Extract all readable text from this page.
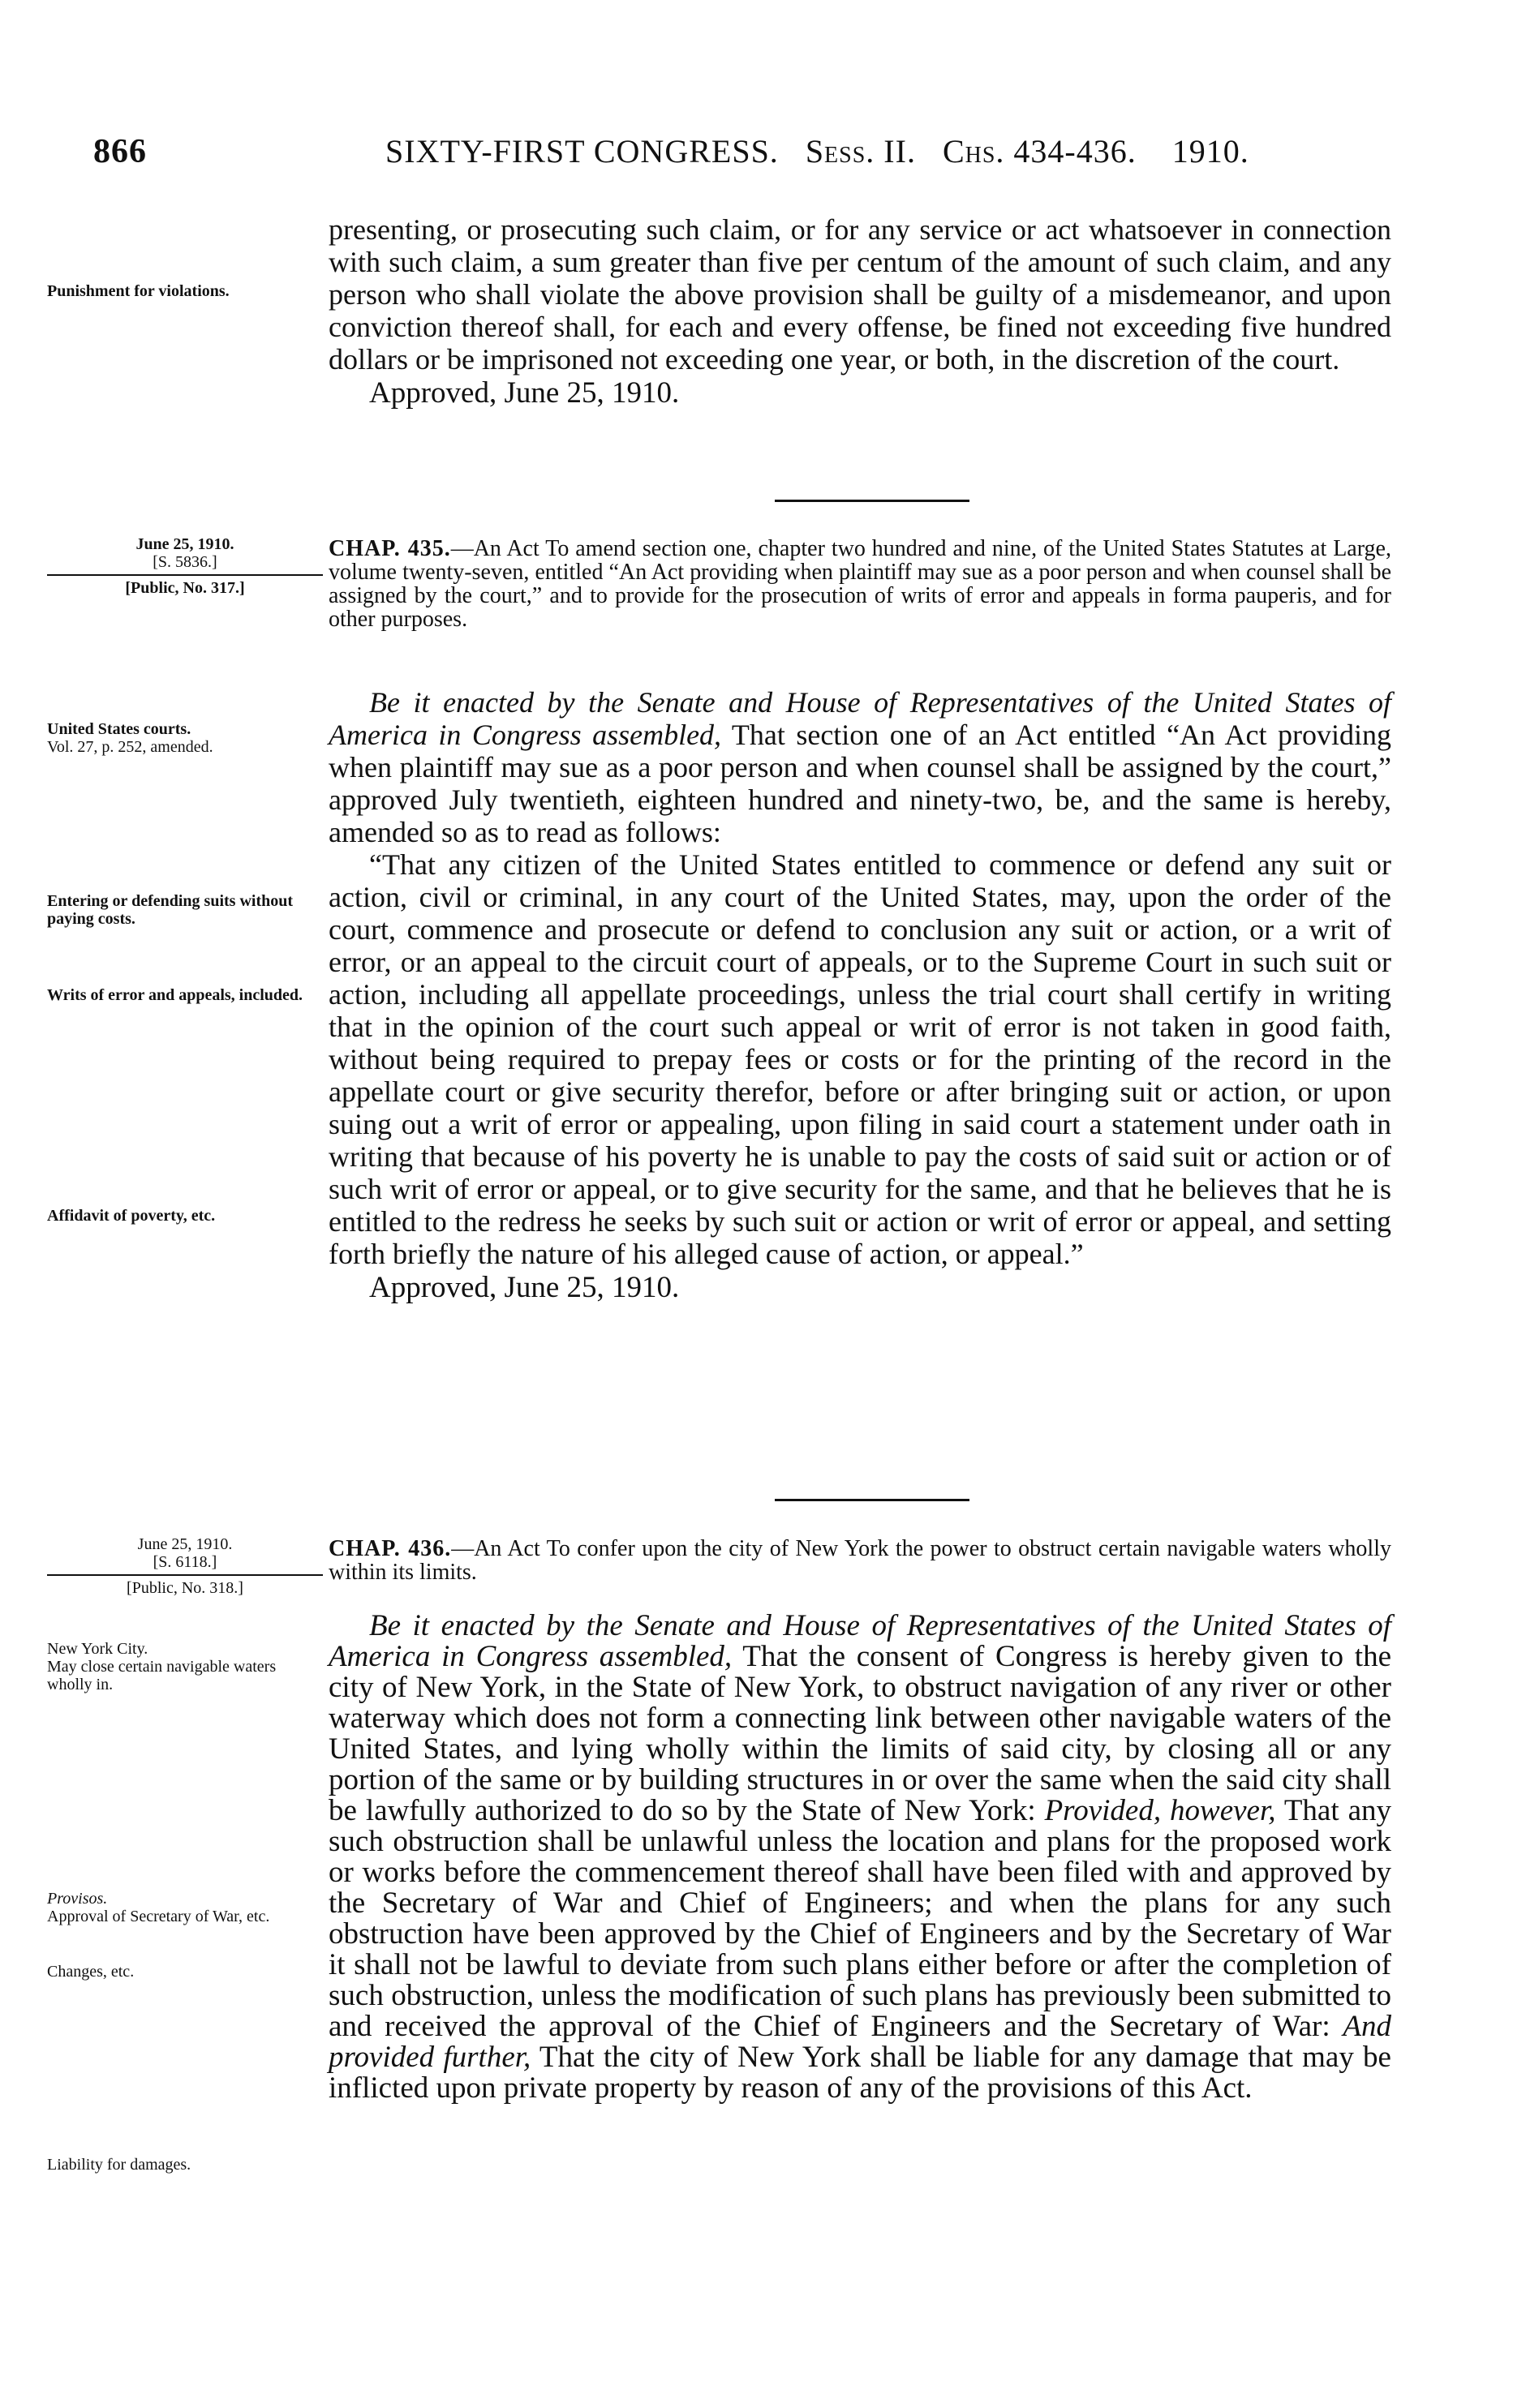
866	SIXTY-FIRST CONGRESS. Sess. II. Chs. 434-436. 1910.
Punishment for violations.

presenting, or prosecuting such claim, or for any service or act whatsoever in connection with such claim, a sum greater than five per centum of the amount of such claim, and any person who shall violate the above provision shall be guilty of a misdemeanor, and upon conviction thereof shall, for each and every offense, be fined not exceeding five hundred dollars or be imprisoned not exceeding one year, or both, in the discretion of the court.

Approved, June 25, 1910.

June 25, 1910.
[S. 5836.]
[Public, No. 317.]

CHAP. 435.—An Act To amend section one, chapter two hundred and nine, of the United States Statutes at Large, volume twenty-seven, entitled “An Act providing when plaintiff may sue as a poor person and when counsel shall be assigned by the court,” and to provide for the prosecution of writs of error and appeals in forma pauperis, and for other purposes.

United States courts.
Vol. 27, p. 252, amended.
Entering or defending suits without paying costs.
Writs of error and appeals, included.
Affidavit of poverty, etc.

Be it enacted by the Senate and House of Representatives of the United States of America in Congress assembled, That section one of an Act entitled “An Act providing when plaintiff may sue as a poor person and when counsel shall be assigned by the court,” approved July twentieth, eighteen hundred and ninety-two, be, and the same is hereby, amended so as to read as follows:

“That any citizen of the United States entitled to commence or defend any suit or action, civil or criminal, in any court of the United States, may, upon the order of the court, commence and prosecute or defend to conclusion any suit or action, or a writ of error, or an appeal to the circuit court of appeals, or to the Supreme Court in such suit or action, including all appellate proceedings, unless the trial court shall certify in writing that in the opinion of the court such appeal or writ of error is not taken in good faith, without being required to prepay fees or costs or for the printing of the record in the appellate court or give security therefor, before or after bringing suit or action, or upon suing out a writ of error or appealing, upon filing in said court a statement under oath in writing that because of his poverty he is unable to pay the costs of said suit or action or of such writ of error or appeal, or to give security for the same, and that he believes that he is entitled to the redress he seeks by such suit or action or writ of error or appeal, and setting forth briefly the nature of his alleged cause of action, or appeal.”

Approved, June 25, 1910.

June 25, 1910.
[S. 6118.]
[Public, No. 318.]

CHAP. 436.—An Act To confer upon the city of New York the power to obstruct certain navigable waters wholly within its limits.

New York City.
May close certain navigable waters wholly in.
Provisos.
Approval of Secretary of War, etc.
Changes, etc.
Liability for damages.

Be it enacted by the Senate and House of Representatives of the United States of America in Congress assembled, That the consent of Congress is hereby given to the city of New York, in the State of New York, to obstruct navigation of any river or other waterway which does not form a connecting link between other navigable waters of the United States, and lying wholly within the limits of said city, by closing all or any portion of the same or by building structures in or over the same when the said city shall be lawfully authorized to do so by the State of New York: Provided, however, That any such obstruction shall be unlawful unless the location and plans for the proposed work or works before the commencement thereof shall have been filed with and approved by the Secretary of War and Chief of Engineers; and when the plans for any such obstruction have been approved by the Chief of Engineers and by the Secretary of War it shall not be lawful to deviate from such plans either before or after the completion of such obstruction, unless the modification of such plans has previously been submitted to and received the approval of the Chief of Engineers and the Secretary of War: And provided further, That the city of New York shall be liable for any damage that may be inflicted upon private property by reason of any of the provisions of this Act.
